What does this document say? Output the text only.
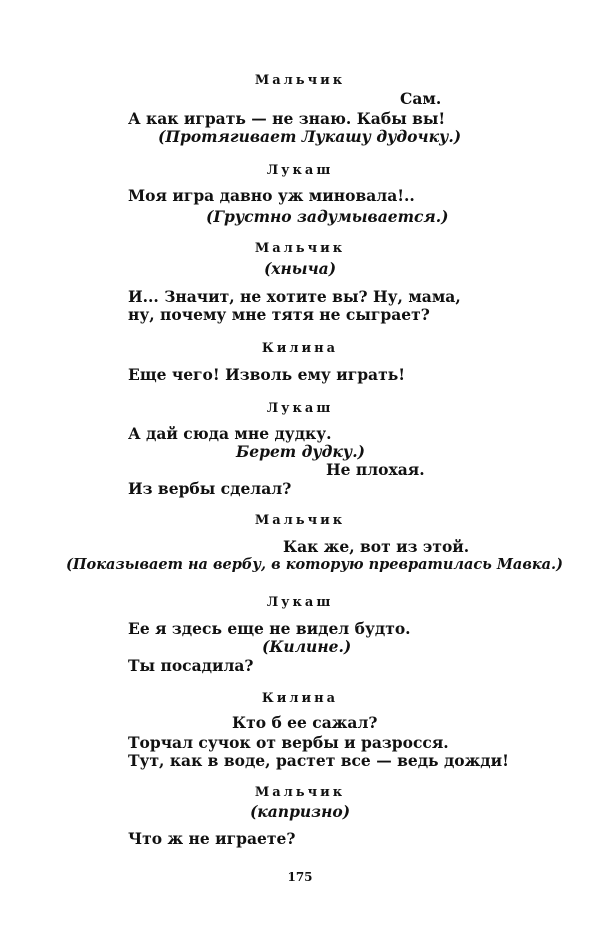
Мальчик
Сам.
А как играть — не знаю. Кабы вы!
(Протягивает Лукашу дудочку.)
Лукаш
Моя игра давно уж миновала!..
(Грустно задумывается.)
Мальчик
(хныча)
И... Значит, не хотите вы? Ну, мама,
ну, почему мне тятя не сыграет?
Килина
Еще чего! Изволь ему играть!
Лукаш
А дай сюда мне дудку.
Берет дудку.)
Не плохая.
Из вербы сделал?
Мальчик
Как же, вот из этой.
(Показывает на вербу, в которую превратилась Мавка.)
Лукаш
Ее я здесь еще не видел будто.
(Килине.)
Ты посадила?
Килина
Кто б ее сажал?
Торчал сучок от вербы и разросся.
Тут, как в воде, растет все — ведь дожди!
Мальчик
(капризно)
Что ж не играете?
175
